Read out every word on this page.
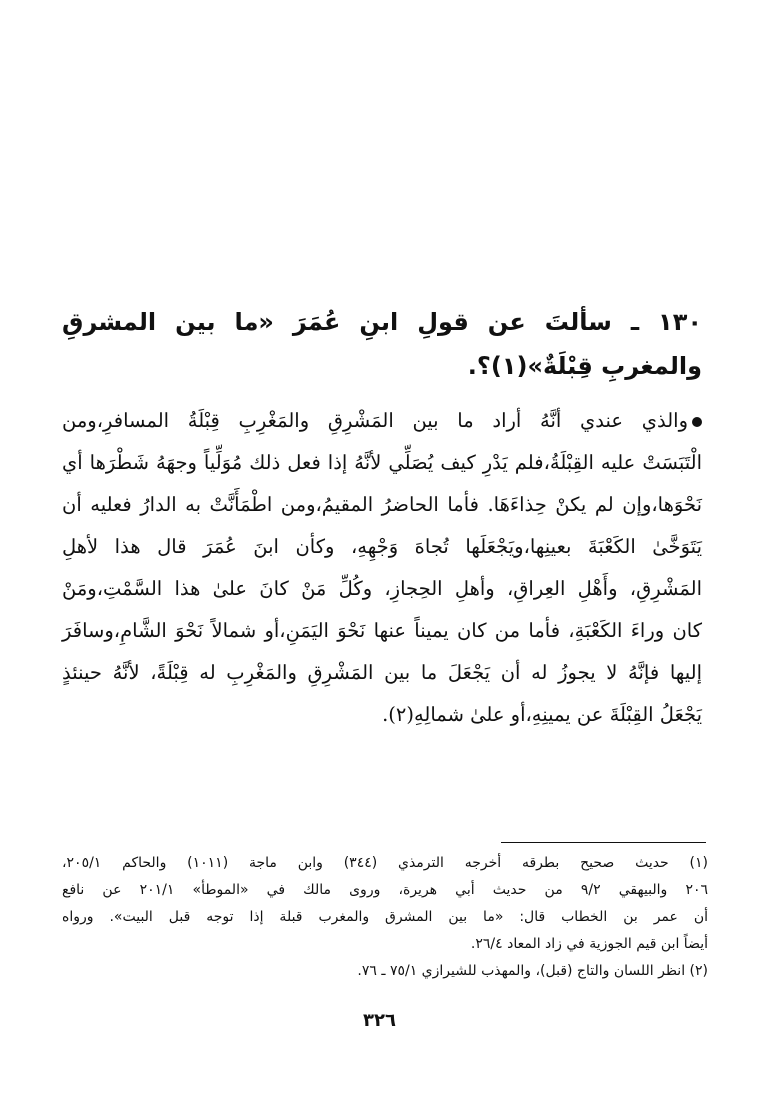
١٣٠ ـ سألتَ عن قولِ ابنِ عُمَرَ «ما بين المشرقِ والمغربِ قِبْلَةٌ»(١)؟.
والذي عندي أنَّهُ أراد ما بين المَشْرِقِ والمَغْرِبِ قِبْلَةُ المسافرِ،ومن
الْتَبَسَتْ عليه القِبْلَةُ،فلم يَدْرِ كيف يُصَلِّي لأنَّهُ إذا فعل ذلك مُوَلِّياً وجهَهُ شَطْرَها أي
نَحْوَها،وإن لم يكنْ حِذاءَهَا. فأما الحاضرُ المقيمُ،ومن اطْمَأَنَّتْ به الدارُ فعليه أن
يَتَوَخَّىٰ الكَعْبَةَ بعينِها،ويَجْعَلَها تُجاهَ وَجْهِهِ، وكأن ابنَ عُمَرَ قال هذا لأهلِ
المَشْرِقِ، وأَهْلِ العِراقِ، وأهلِ الحِجازِ، وكُلِّ مَنْ كانَ علىٰ هذا السَّمْتِ،ومَنْ
كان وراءَ الكَعْبَةِ، فأما من كان يميناً عنها نَحْوَ اليَمَنِ،أو شمالاً نَحْوَ الشَّامِ،وسافَرَ
إليها فإنَّهُ لا يجوزُ له أن يَجْعَلَ ما بين المَشْرِقِ والمَغْرِبِ له قِبْلَةً، لأنَّهُ حينئذٍ
يَجْعَلُ القِبْلَةَ عن يمينِهِ،أو علىٰ شمالِهِ(٢).
(١) حديث صحيح بطرقه أخرجه الترمذي (٣٤٤) وابن ماجة (١٠١١) والحاكم ٢٠٥/١،
٢٠٦ والبيهقي ٩/٢ من حديث أبي هريرة، وروى مالك في «الموطأ» ٢٠١/١ عن نافع
أن عمر بن الخطاب قال: «ما بين المشرق والمغرب قبلة إذا توجه قبل البيت». ورواه
أيضاً ابن قيم الجوزية في زاد المعاد ٢٦/٤.
(٢) انظر اللسان والتاج (قبل)، والمهذب للشيرازي ٧٥/١ ـ ٧٦.
٣٢٦
